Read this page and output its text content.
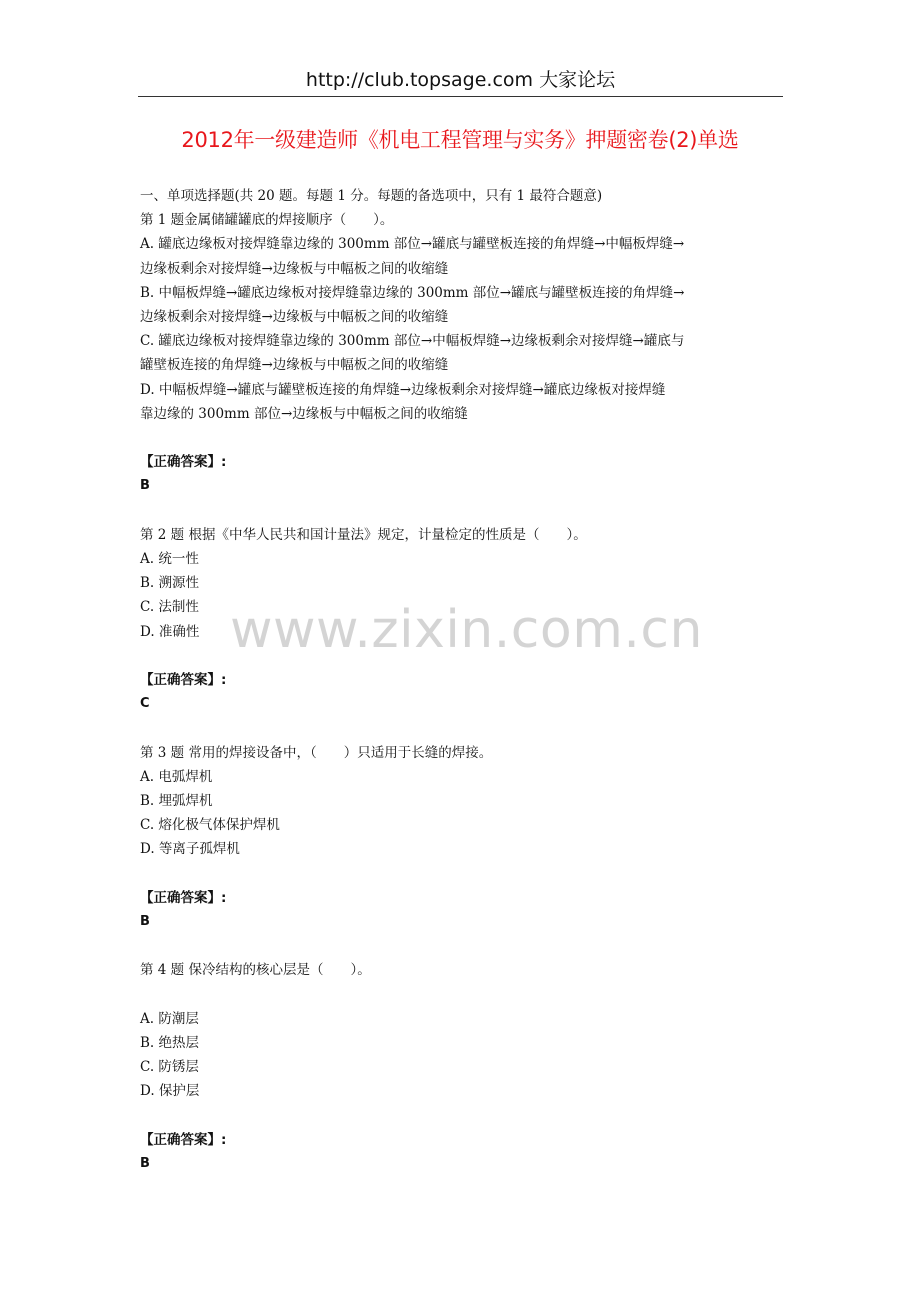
http://club.topsage.com 大家论坛
2012年一级建造师《机电工程管理与实务》押题密卷(2)单选
www.zixin.com.cn
一、单项选择题(共 20 题。每题 1 分。每题的备选项中，只有 1 最符合题意)
第 1 题金属储罐罐底的焊接顺序（　　）。
A. 罐底边缘板对接焊缝靠边缘的 300mm 部位→罐底与罐壁板连接的角焊缝→中幅板焊缝→
边缘板剩余对接焊缝→边缘板与中幅板之间的收缩缝
B. 中幅板焊缝→罐底边缘板对接焊缝靠边缘的 300mm 部位→罐底与罐壁板连接的角焊缝→
边缘板剩余对接焊缝→边缘板与中幅板之间的收缩缝
C. 罐底边缘板对接焊缝靠边缘的 300mm 部位→中幅板焊缝→边缘板剩余对接焊缝→罐底与
罐壁板连接的角焊缝→边缘板与中幅板之间的收缩缝
D. 中幅板焊缝→罐底与罐壁板连接的角焊缝→边缘板剩余对接焊缝→罐底边缘板对接焊缝
靠边缘的 300mm 部位→边缘板与中幅板之间的收缩缝
【正确答案】:
B
第 2 题 根据《中华人民共和国计量法》规定，计量检定的性质是（　　）。
A. 统一性
B. 溯源性
C. 法制性
D. 准确性
【正确答案】:
C
第 3 题 常用的焊接设备中，（　　）只适用于长缝的焊接。
A. 电弧焊机
B. 埋弧焊机
C. 熔化极气体保护焊机
D. 等离子孤焊机
【正确答案】:
B
第 4 题 保冷结构的核心层是（　　）。
A. 防潮层
B. 绝热层
C. 防锈层
D. 保护层
【正确答案】:
B
